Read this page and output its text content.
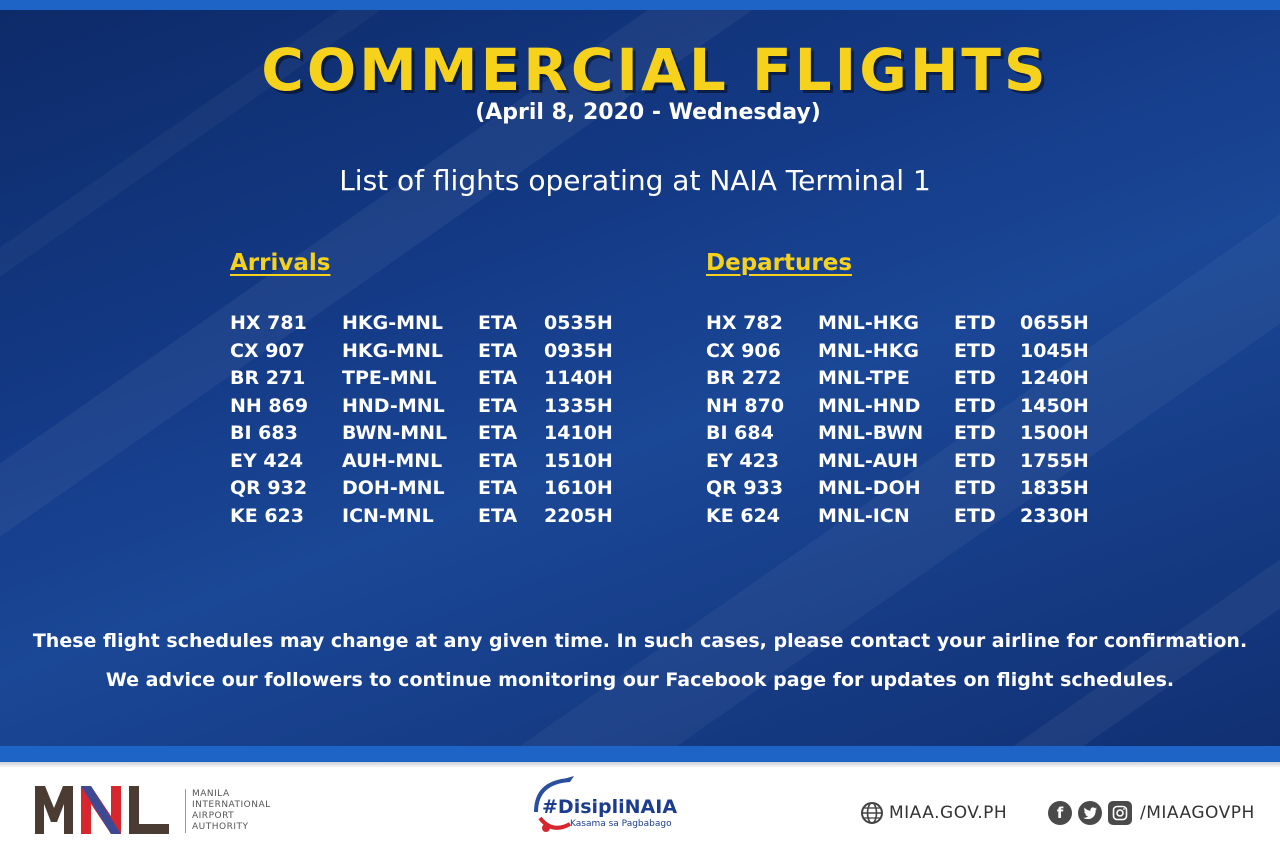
COMMERCIAL FLIGHTS
(April 8, 2020 - Wednesday)
List of flights operating at NAIA Terminal 1
Arrivals	Departures
HX 781 HKG-MNL ETA 0535H
CX 907 HKG-MNL ETA 0935H
BR 271 TPE-MNL ETA 1140H
NH 869 HND-MNL ETA 1335H
BI 683 BWN-MNL ETA 1410H
EY 424 AUH-MNL ETA 1510H
QR 932 DOH-MNL ETA 1610H
KE 623 ICN-MNL ETA 2205H
HX 782 MNL-HKG ETD 0655H
CX 906 MNL-HKG ETD 1045H
BR 272 MNL-TPE ETD 1240H
NH 870 MNL-HND ETD 1450H
BI 684 MNL-BWN ETD 1500H
EY 423 MNL-AUH ETD 1755H
QR 933 MNL-DOH ETD 1835H
KE 624 MNL-ICN ETD 2330H
These flight schedules may change at any given time. In such cases, please contact your airline for confirmation.
We advice our followers to continue monitoring our Facebook page for updates on flight schedules.
MANILA INTERNATIONAL AIRPORT AUTHORITY
#DisipliNAIA
Kasama sa Pagbabago
MIAA.GOV.PH	f	/MIAAGOVPH
